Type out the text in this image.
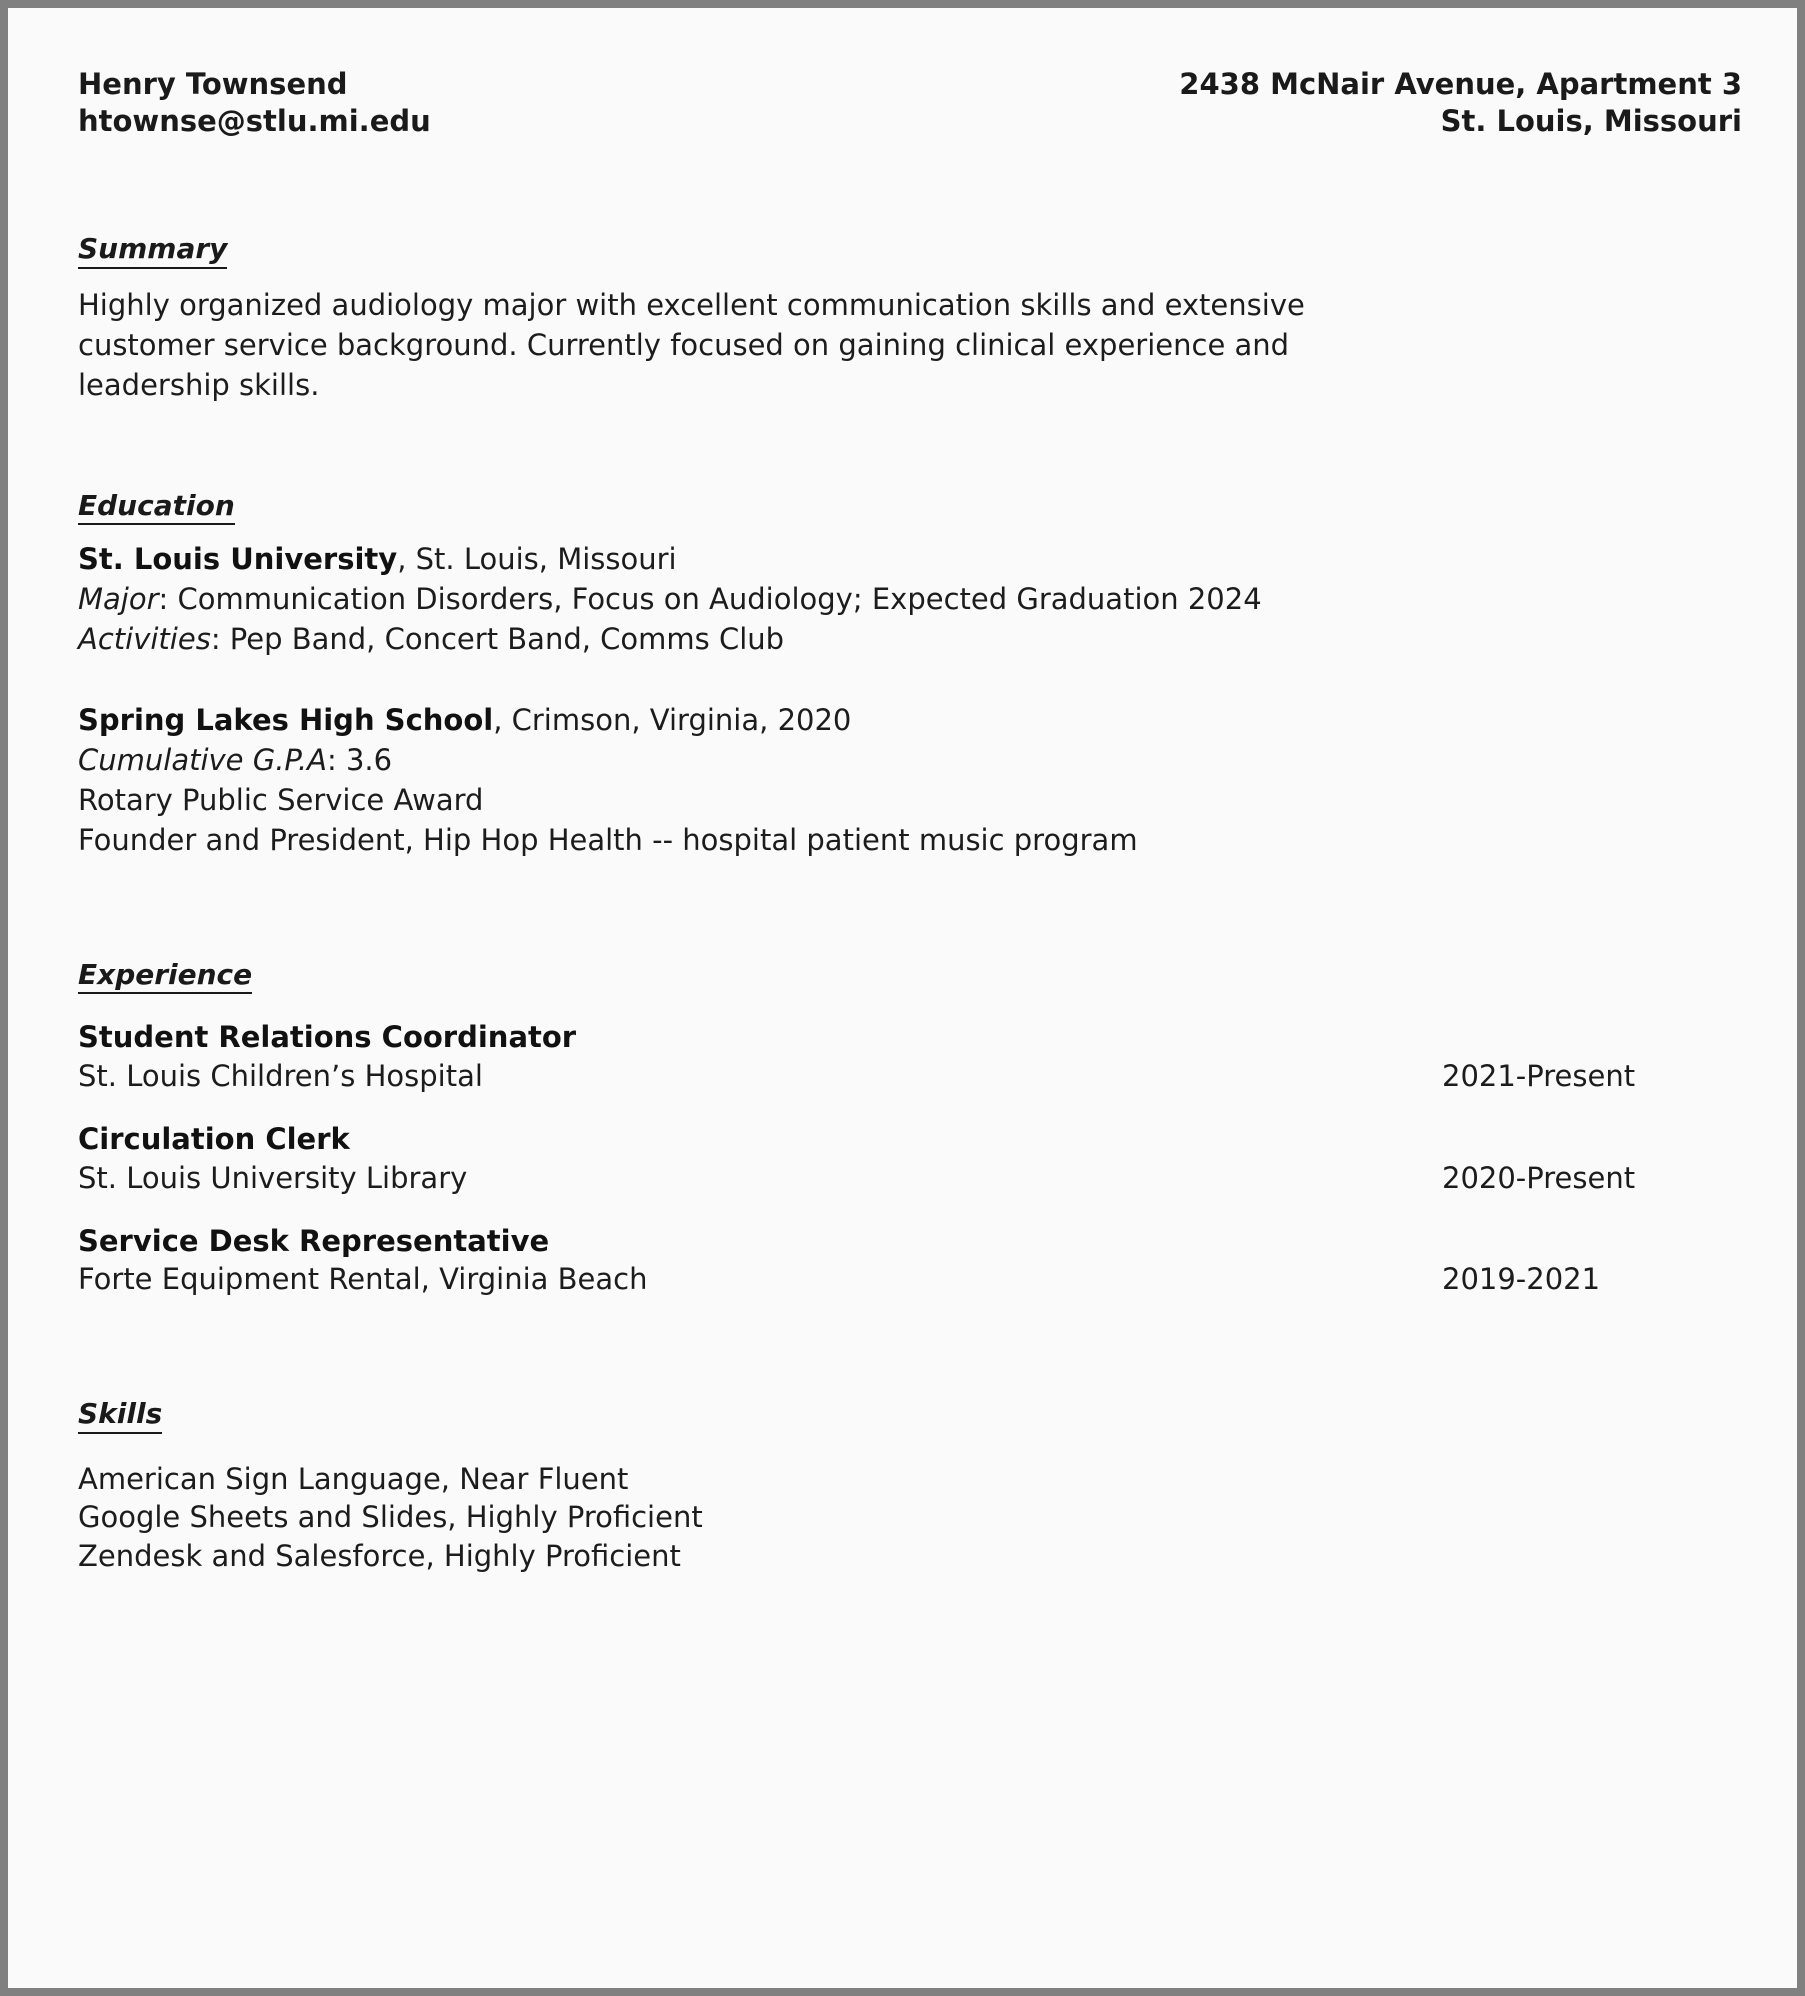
Henry Townsend
htownse@stlu.mi.edu
2438 McNair Avenue, Apartment 3
St. Louis, Missouri
Summary
Highly organized audiology major with excellent communication skills and extensive customer service background. Currently focused on gaining clinical experience and leadership skills.
Education
St. Louis University, St. Louis, Missouri
Major: Communication Disorders, Focus on Audiology; Expected Graduation 2024
Activities: Pep Band, Concert Band, Comms Club
Spring Lakes High School, Crimson, Virginia, 2020
Cumulative G.P.A: 3.6
Rotary Public Service Award
Founder and President, Hip Hop Health -- hospital patient music program
Experience
Student Relations Coordinator
St. Louis Children’s Hospital	2021-Present
Circulation Clerk
St. Louis University Library	2020-Present
Service Desk Representative
Forte Equipment Rental, Virginia Beach	2019-2021
Skills
American Sign Language, Near Fluent
Google Sheets and Slides, Highly Proficient
Zendesk and Salesforce, Highly Proficient
